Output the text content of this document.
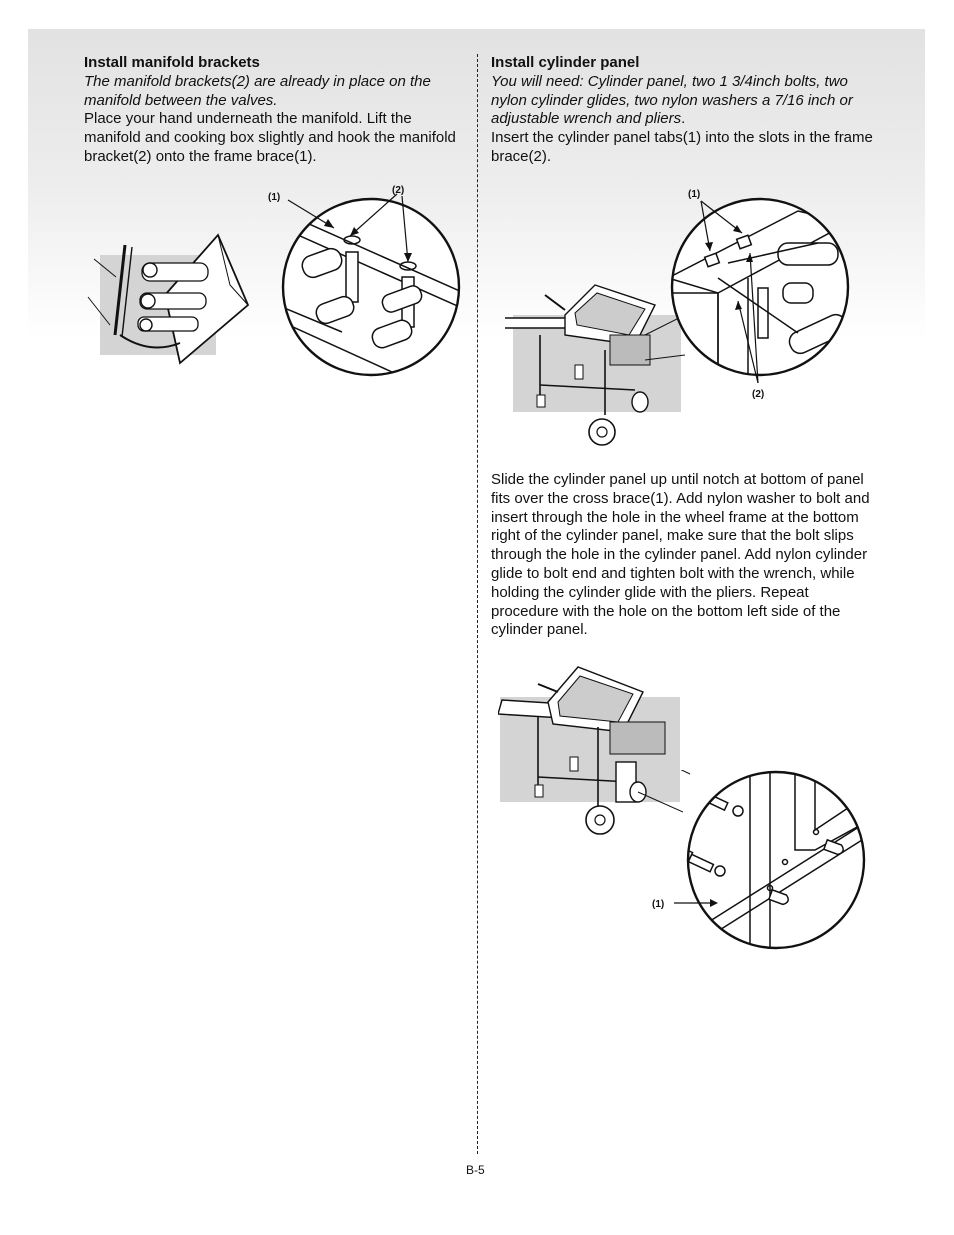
Install manifold brackets

The manifold brackets(2) are already in place on the manifold between the valves.

Place your hand underneath the manifold. Lift the manifold and cooking box slightly and hook the manifold bracket(2) onto the frame brace(1).

(1)
(2)

Install cylinder panel

You will need: Cylinder panel, two 1 3/4inch bolts, two nylon cylinder glides, two nylon washers a 7/16 inch or adjustable wrench and pliers.

Insert the cylinder panel tabs(1) into the slots in the frame brace(2).

(1)
(2)

Slide the cylinder panel up until notch at bottom of panel fits over the cross brace(1). Add nylon washer to bolt and insert through the hole in the wheel frame at the bottom right of the cylinder panel, make sure that the bolt slips through the hole in the cylinder panel. Add nylon cylinder glide to bolt end and tighten bolt with the wrench, while holding the cylinder glide with the pliers. Repeat procedure with the hole on the bottom left side of the cylinder panel.

(1)
B-5
